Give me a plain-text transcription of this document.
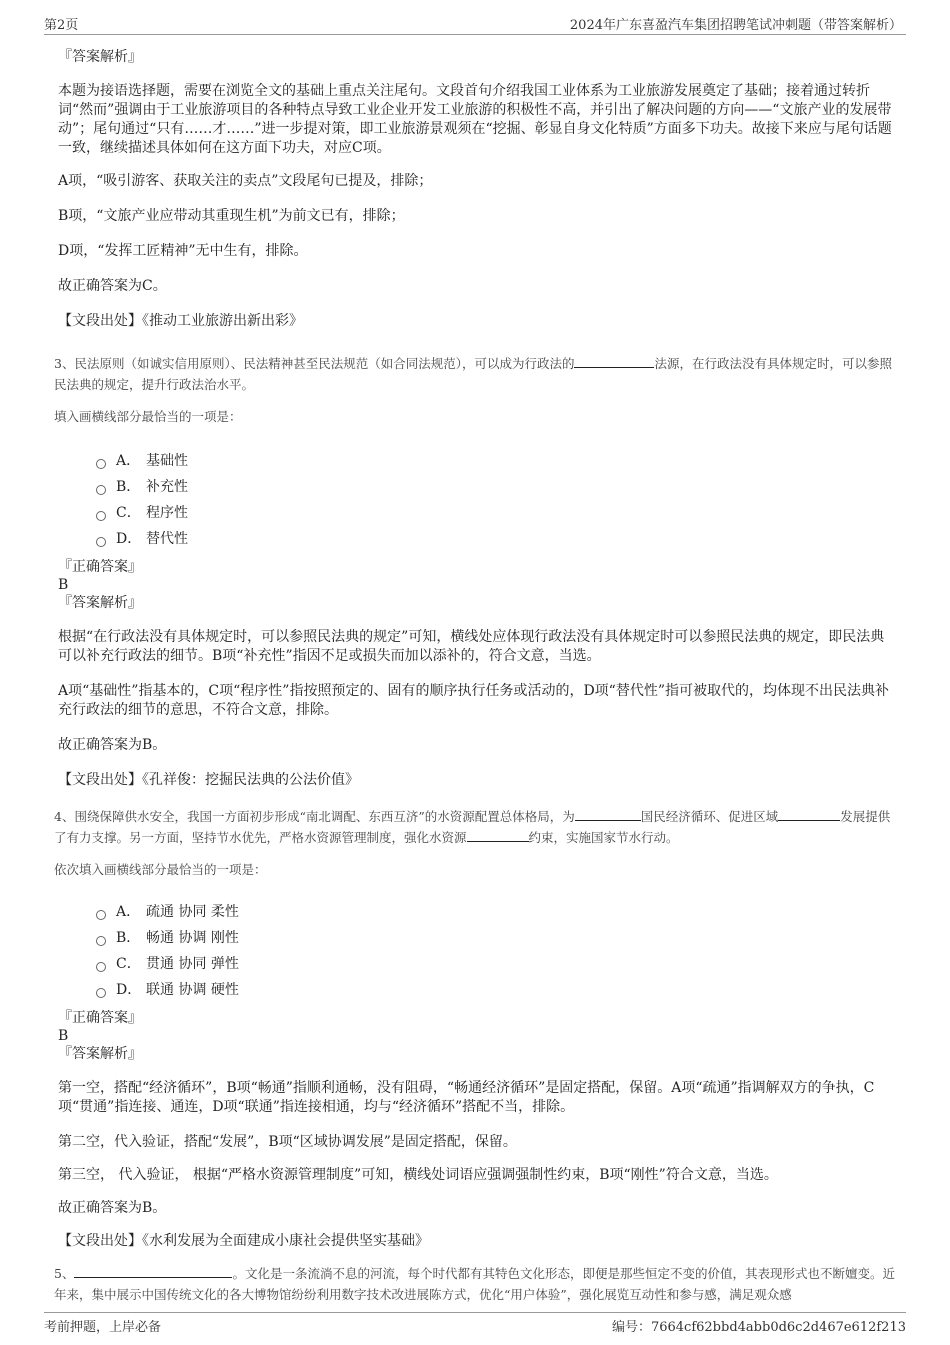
第2页	2024年广东喜盈汽车集团招聘笔试冲刺题（带答案解析）

『答案解析』

本题为接语选择题，需要在浏览全文的基础上重点关注尾句。文段首句介绍我国工业体系为工业旅游发展奠定了基础；接着通过转折词“然而”强调由于工业旅游项目的各种特点导致工业企业开发工业旅游的积极性不高，并引出了解决问题的方向——“文旅产业的发展带动”；尾句通过“只有……才……”进一步提对策，即工业旅游景观须在“挖掘、彰显自身文化特质”方面多下功夫。故接下来应与尾句话题一致，继续描述具体如何在这方面下功夫，对应C项。

A项，“吸引游客、获取关注的卖点”文段尾句已提及，排除；

B项，“文旅产业应带动其重现生机”为前文已有，排除；

D项，“发挥工匠精神”无中生有，排除。

故正确答案为C。

【文段出处】《推动工业旅游出新出彩》

3、民法原则（如诚实信用原则）、民法精神甚至民法规范（如合同法规范），可以成为行政法的	法源，在行政法没有具体规定时，可以参照民法典的规定，提升行政法治水平。

填入画横线部分最恰当的一项是：

A． 基础性
B． 补充性
C． 程序性
D． 替代性

『正确答案』

B

『答案解析』

根据“在行政法没有具体规定时，可以参照民法典的规定”可知，横线处应体现行政法没有具体规定时可以参照民法典的规定，即民法典可以补充行政法的细节。B项“补充性”指因不足或损失而加以添补的，符合文意，当选。

A项“基础性”指基本的，C项“程序性”指按照预定的、固有的顺序执行任务或活动的，D项“替代性”指可被取代的，均体现不出民法典补充行政法的细节的意思，不符合文意，排除。

故正确答案为B。

【文段出处】《孔祥俊：挖掘民法典的公法价值》

4、围绕保障供水安全，我国一方面初步形成“南北调配、东西互济”的水资源配置总体格局，为	国民经济循环、促进区域	发展提供了有力支撑。另一方面，坚持节水优先，严格水资源管理制度，强化水资源	约束，实施国家节水行动。

依次填入画横线部分最恰当的一项是：

A． 疏通 协同 柔性
B． 畅通 协调 刚性
C． 贯通 协同 弹性
D． 联通 协调 硬性

『正确答案』

B

『答案解析』

第一空，搭配“经济循环”，B项“畅通”指顺利通畅，没有阻碍，“畅通经济循环”是固定搭配，保留。A项“疏通”指调解双方的争执，C项“贯通”指连接、通连，D项“联通”指连接相通，均与“经济循环”搭配不当，排除。

第二空，代入验证，搭配“发展”，B项“区域协调发展”是固定搭配，保留。

第三空， 代入验证， 根据“严格水资源管理制度”可知，横线处词语应强调强制性约束，B项“刚性”符合文意，当选。

故正确答案为B。

【文段出处】《水利发展为全面建成小康社会提供坚实基础》

5、	。文化是一条流淌不息的河流，每个时代都有其特色文化形态，即便是那些恒定不变的价值，其表现形式也不断嬗变。近年来，集中展示中国传统文化的各大博物馆纷纷利用数字技术改进展陈方式，优化“用户体验”，强化展览互动性和参与感，满足观众感

考前押题，上岸必备	编号：7664cf62bbd4abb0d6c2d467e612f213
